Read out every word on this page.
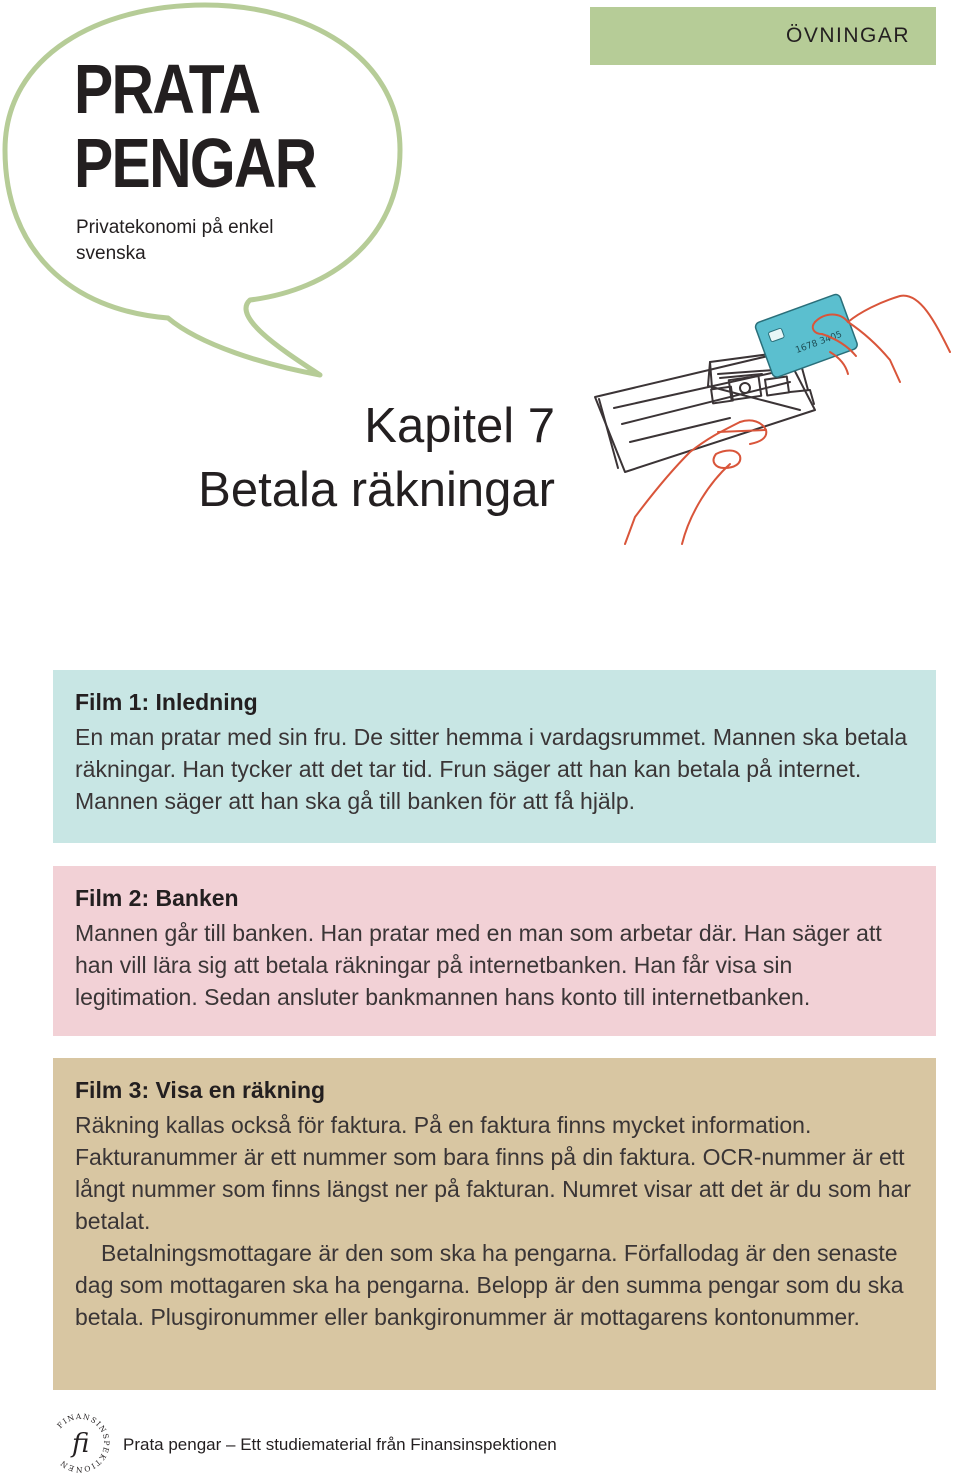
ÖVNINGAR
PRATA
PENGAR
Privatekonomi på enkel svenska
Kapitel 7
Betala räkningar
1678 3405
Film 1: Inledning

En man pratar med sin fru. De sitter hemma i vardagsrummet. Mannen ska betala räkningar. Han tycker att det tar tid. Frun säger att han kan betala på internet. Mannen säger att han ska gå till banken för att få hjälp.

Film 2: Banken

Mannen går till banken. Han pratar med en man som arbetar där. Han säger att han vill lära sig att betala räkningar på internetbanken. Han får visa sin legitimation. Sedan ansluter bankmannen hans konto till internetbanken.

Film 3: Visa en räkning

Räkning kallas också för faktura. På en faktura finns mycket information. Fakturanummer är ett nummer som bara finns på din faktura. OCR-nummer är ett långt nummer som finns längst ner på fakturan. Numret visar att det är du som har betalat.

Betalningsmottagare är den som ska ha pengarna. Förfallodag är den senaste dag som mottagaren ska ha pengarna. Belopp är den summa pengar som du ska betala. Plusgironummer eller bankgironummer är mottagarens kontonummer.

FINANSINSPEKTIONEN
fi Prata pengar – Ett studiematerial från Finansinspektionen
